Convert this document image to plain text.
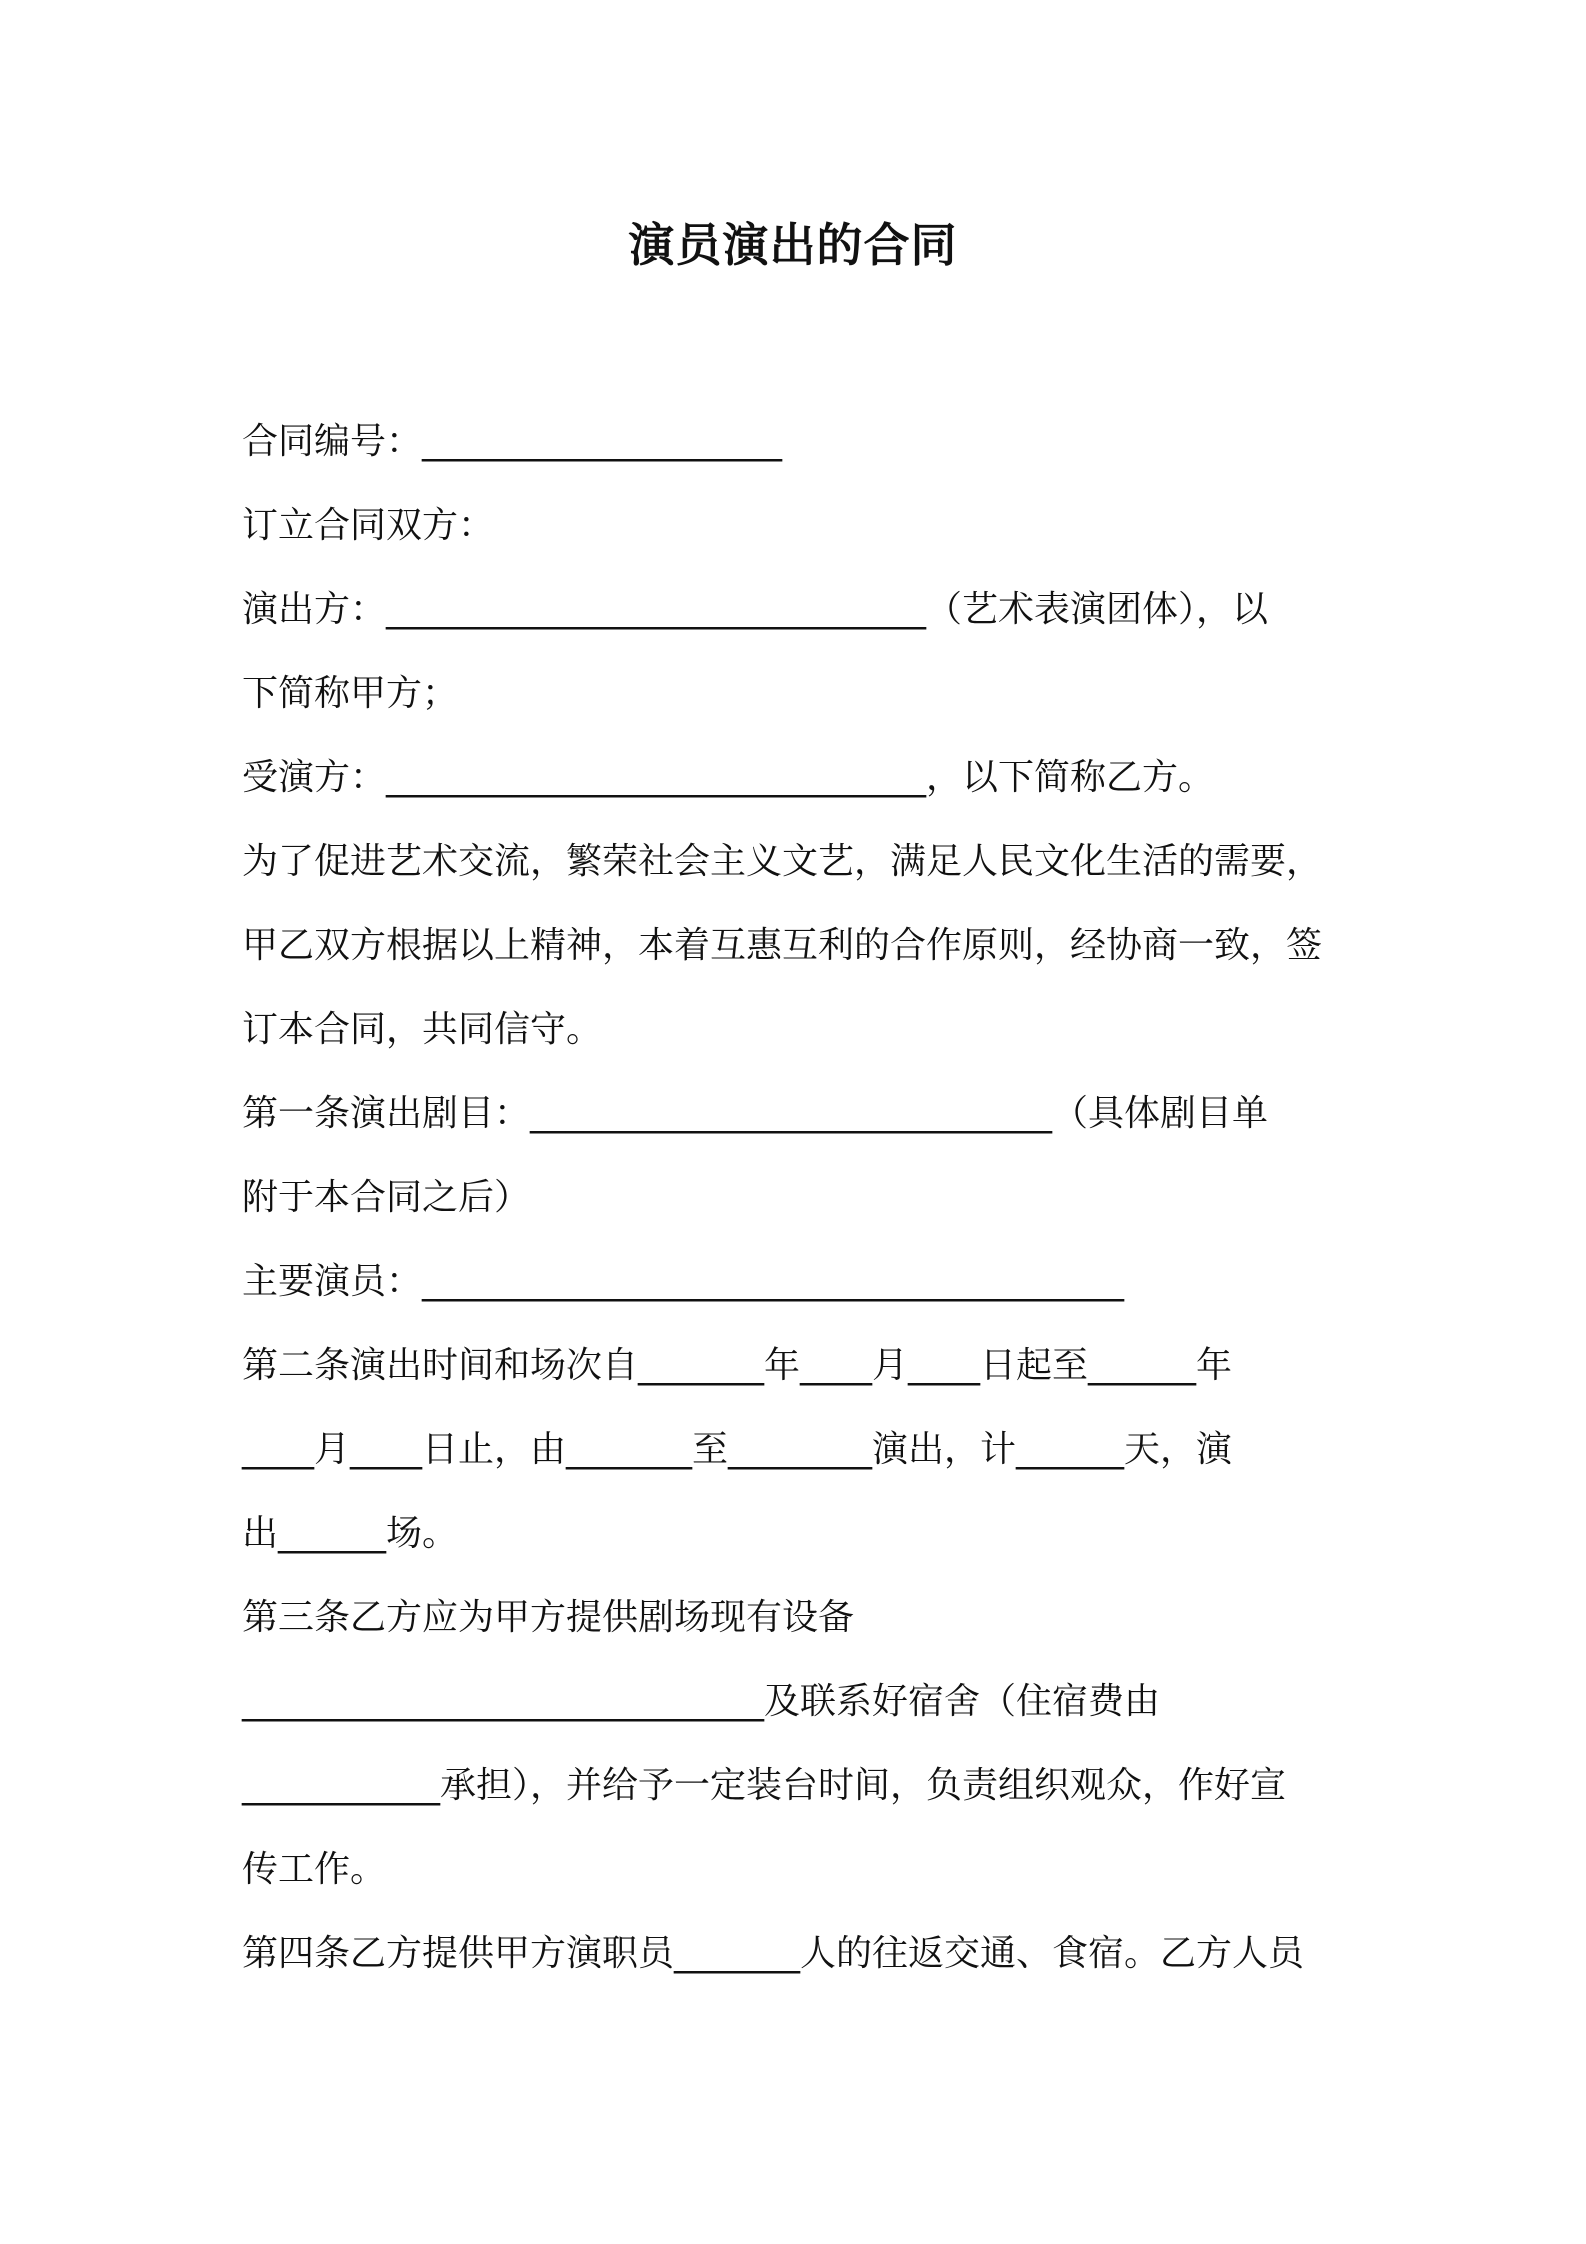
演员演出的合同
合同编号：____________________
订立合同双方：
演出方：______________________________（艺术表演团体），以
下简称甲方；
受演方：______________________________，以下简称乙方。
为了促进艺术交流，繁荣社会主义文艺，满足人民文化生活的需要，
甲乙双方根据以上精神，本着互惠互利的合作原则，经协商一致，签
订本合同，共同信守。
第一条演出剧目：_____________________________（具体剧目单
附于本合同之后）
主要演员：_______________________________________
第二条演出时间和场次自_______年____月____日起至______年
____月____日止，由_______至________演出，计______天，演
出______场。
第三条乙方应为甲方提供剧场现有设备
_____________________________及联系好宿舍（住宿费由
___________承担），并给予一定装台时间，负责组织观众，作好宣
传工作。
第四条乙方提供甲方演职员_______人的往返交通、食宿。乙方人员
